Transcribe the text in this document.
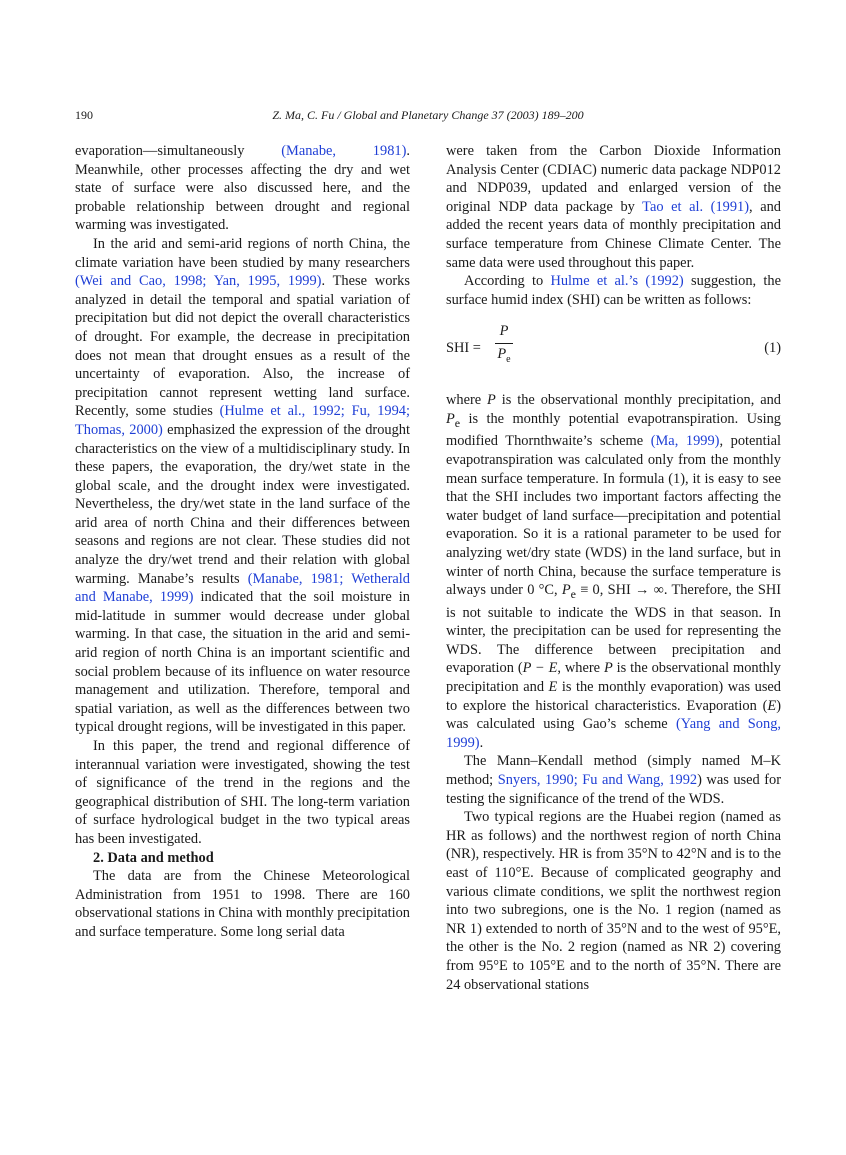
190	Z. Ma, C. Fu / Global and Planetary Change 37 (2003) 189–200

evaporation—simultaneously (Manabe, 1981). Meanwhile, other processes affecting the dry and wet state of surface were also discussed here, and the probable relationship between drought and regional warming was investigated.

In the arid and semi-arid regions of north China, the climate variation have been studied by many researchers (Wei and Cao, 1998; Yan, 1995, 1999). These works analyzed in detail the temporal and spatial variation of precipitation but did not depict the overall characteristics of drought. For example, the decrease in precipitation does not mean that drought ensues as a result of the uncertainty of evaporation. Also, the increase of precipitation cannot represent wetting land surface. Recently, some studies (Hulme et al., 1992; Fu, 1994; Thomas, 2000) emphasized the expression of the drought characteristics on the view of a multidisciplinary study. In these papers, the evaporation, the dry/wet state in the global scale, and the drought index were investigated. Nevertheless, the dry/wet state in the land surface of the arid area of north China and their differences between seasons and regions are not clear. These studies did not analyze the dry/wet trend and their relation with global warming. Manabe’s results (Manabe, 1981; Wetherald and Manabe, 1999) indicated that the soil moisture in mid-latitude in summer would decrease under global warming. In that case, the situation in the arid and semi-arid region of north China is an important scientific and social problem because of its influence on water resource management and utilization. Therefore, temporal and spatial variation, as well as the differences between two typical drought regions, will be investigated in this paper.

In this paper, the trend and regional difference of interannual variation were investigated, showing the test of significance of the trend in the regions and the geographical distribution of SHI. The long-term variation of surface hydrological budget in the two typical areas has been investigated.

2. Data and method

The data are from the Chinese Meteorological Administration from 1951 to 1998. There are 160 observational stations in China with monthly precipitation and surface temperature. Some long serial data

were taken from the Carbon Dioxide Information Analysis Center (CDIAC) numeric data package NDP012 and NDP039, updated and enlarged version of the original NDP data package by Tao et al. (1991), and added the recent years data of monthly precipitation and surface temperature from Chinese Climate Center. The same data were used throughout this paper.

According to Hulme et al.’s (1992) suggestion, the surface humid index (SHI) can be written as follows:

SHI =
P
$P_e$
(1)

where P is the observational monthly precipitation, and $P_e$ is the monthly potential evapotranspiration. Using modified Thornthwaite’s scheme (Ma, 1999), potential evapotranspiration was calculated only from the monthly mean surface temperature. In formula (1), it is easy to see that the SHI includes two important factors affecting the water budget of land surface—precipitation and potential evaporation. So it is a rational parameter to be used for analyzing wet/dry state (WDS) in the land surface, but in winter of north China, because the surface temperature is always under 0 °C, $P_e \equiv 0$, SHI → ∞. Therefore, the SHI is not suitable to indicate the WDS in that season. In winter, the precipitation can be used for representing the WDS. The difference between precipitation and evaporation (P − E, where P is the observational monthly precipitation and E is the monthly evaporation) was used to explore the historical characteristics. Evaporation (E) was calculated using Gao’s scheme (Yang and Song, 1999).

The Mann–Kendall method (simply named M–K method; Snyers, 1990; Fu and Wang, 1992) was used for testing the significance of the trend of the WDS.

Two typical regions are the Huabei region (named as HR as follows) and the northwest region of north China (NR), respectively. HR is from 35°N to 42°N and is to the east of 110°E. Because of complicated geography and various climate conditions, we split the northwest region into two subregions, one is the No. 1 region (named as NR 1) extended to north of 35°N and to the west of 95°E, the other is the No. 2 region (named as NR 2) covering from 95°E to 105°E and to the north of 35°N. There are 24 observational stations
